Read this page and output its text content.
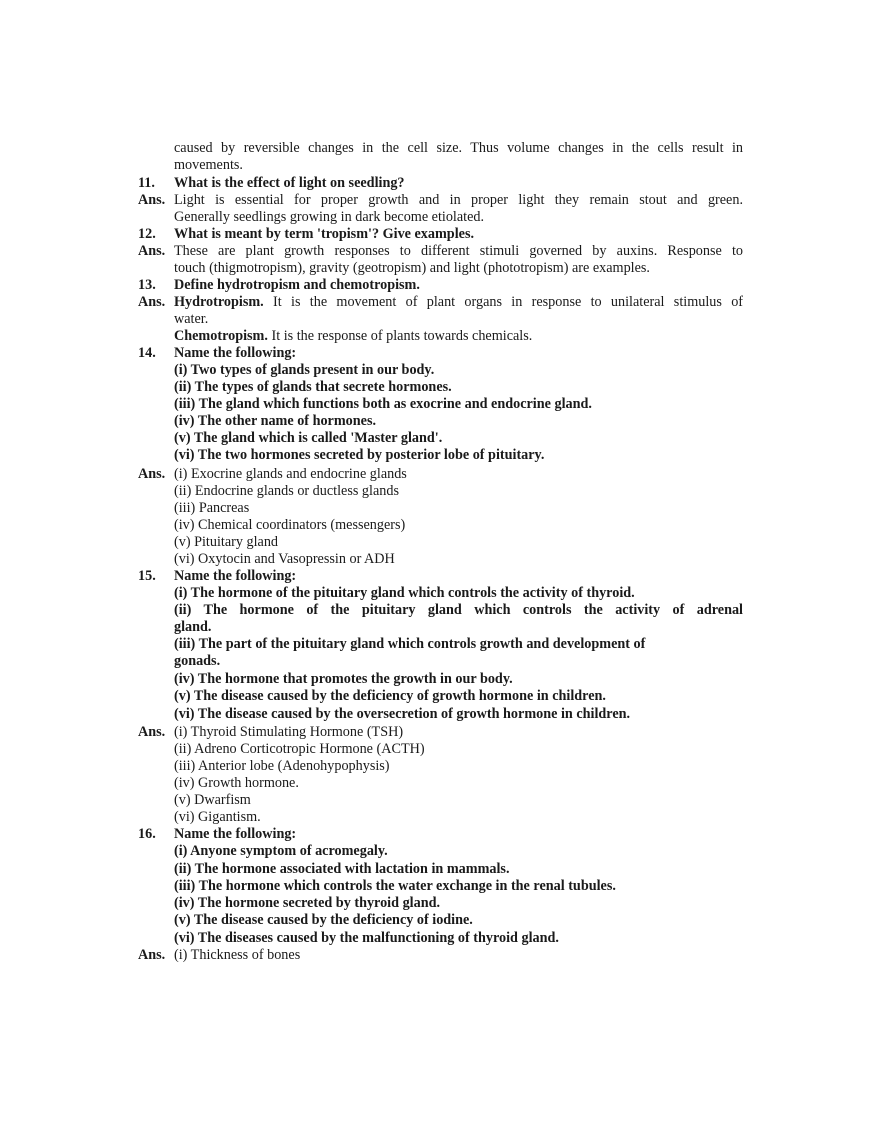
caused by reversible changes in the cell size. Thus volume changes in the cells result in
movements.
11. What is the effect of light on seedling?
Ans. Light is essential for proper growth and in proper light they remain stout and green.
Generally seedlings growing in dark become etiolated.
12. What is meant by term 'tropism'? Give examples.
Ans. These are plant growth responses to different stimuli governed by auxins. Response to
touch (thigmotropism), gravity (geotropism) and light (phototropism) are examples.
13. Define hydrotropism and chemotropism.
Ans. Hydrotropism. It is the movement of plant organs in response to unilateral stimulus of
water.
Chemotropism. It is the response of plants towards chemicals.
14. Name the following:
(i) Two types of glands present in our body.
(ii) The types of glands that secrete hormones.
(iii) The gland which functions both as exocrine and endocrine gland.
(iv) The other name of hormones.
(v) The gland which is called 'Master gland'.
(vi) The two hormones secreted by posterior lobe of pituitary.
Ans. (i) Exocrine glands and endocrine glands
(ii) Endocrine glands or ductless glands
(iii) Pancreas
(iv) Chemical coordinators (messengers)
(v) Pituitary gland
(vi) Oxytocin and Vasopressin or ADH
15. Name the following:
(i) The hormone of the pituitary gland which controls the activity of thyroid.
(ii) The hormone of the pituitary gland which controls the activity of adrenal
gland.
(iii) The part of the pituitary gland which controls growth and development of
gonads.
(iv) The hormone that promotes the growth in our body.
(v) The disease caused by the deficiency of growth hormone in children.
(vi) The disease caused by the oversecretion of growth hormone in children.
Ans. (i) Thyroid Stimulating Hormone (TSH)
(ii) Adreno Corticotropic Hormone (ACTH)
(iii) Anterior lobe (Adenohypophysis)
(iv) Growth hormone.
(v) Dwarfism
(vi) Gigantism.
16. Name the following:
(i) Anyone symptom of acromegaly.
(ii) The hormone associated with lactation in mammals.
(iii) The hormone which controls the water exchange in the renal tubules.
(iv) The hormone secreted by thyroid gland.
(v) The disease caused by the deficiency of iodine.
(vi) The diseases caused by the malfunctioning of thyroid gland.
Ans. (i) Thickness of bones
